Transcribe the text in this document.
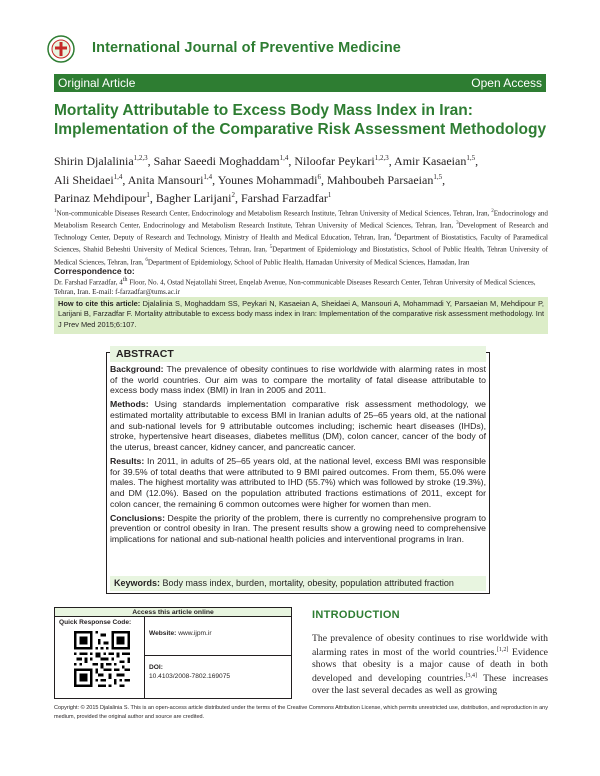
International Journal of Preventive Medicine
Original Article	Open Access
Mortality Attributable to Excess Body Mass Index in Iran:
Implementation of the Comparative Risk Assessment Methodology
Shirin Djalalinia$^{1,2,3}$, Sahar Saeedi Moghaddam$^{1,4}$, Niloofar Peykari$^{1,2,3}$, Amir Kasaeian$^{1,5}$,
Ali Sheidaei$^{1,4}$, Anita Mansouri$^{1,4}$, Younes Mohammadi$^6$, Mahboubeh Parsaeian$^{1,5}$,
Parinaz Mehdipour$^1$, Bagher Larijani$^2$, Farshad Farzadfar$^1$
$^1$Non-communicable Diseases Research Center, Endocrinology and Metabolism Research Institute, Tehran University of Medical Sciences, Tehran, Iran, $^2$Endocrinology and Metabolism Research Center, Endocrinology and Metabolism Research Institute, Tehran University of Medical Sciences, Tehran, Iran, $^3$Development of Research and Technology Center, Deputy of Research and Technology, Ministry of Health and Medical Education, Tehran, Iran, $^4$Department of Biostatistics, Faculty of Paramedical Sciences, Shahid Beheshti University of Medical Sciences, Tehran, Iran, $^5$Department of Epidemiology and Biostatistics, School of Public Health, Tehran University of Medical Sciences, Tehran, Iran, $^6$Department of Epidemiology, School of Public Health, Hamadan University of Medical Sciences, Hamadan, Iran
Correspondence to:
Dr. Farshad Farzadfar, 4th Floor, No. 4, Ostad Nejatollahi Street, Enqelab Avenue, Non-communicable Diseases Research Center, Tehran University of Medical Sciences, Tehran, Iran. E-mail: f-farzadfar@tums.ac.ir
How to cite this article: Djalalinia S, Moghaddam SS, Peykari N, Kasaeian A, Sheidaei A, Mansouri A, Mohammadi Y, Parsaeian M, Mehdipour P, Larijani B, Farzadfar F. Mortality attributable to excess body mass index in Iran: Implementation of the comparative risk assessment methodology. Int J Prev Med 2015;6:107.
ABSTRACT

Background: The prevalence of obesity continues to rise worldwide with alarming rates in most of the world countries. Our aim was to compare the mortality of fatal disease attributable to excess body mass index (BMI) in Iran in 2005 and 2011.

Methods: Using standards implementation comparative risk assessment methodology, we estimated mortality attributable to excess BMI in Iranian adults of 25–65 years old, at the national and sub-national levels for 9 attributable outcomes including; ischemic heart diseases (IHDs), stroke, hypertensive heart diseases, diabetes mellitus (DM), colon cancer, cancer of the body of the uterus, breast cancer, kidney cancer, and pancreatic cancer.

Results: In 2011, in adults of 25–65 years old, at the national level, excess BMI was responsible for 39.5% of total deaths that were attributed to 9 BMI paired outcomes. From them, 55.0% were males. The highest mortality was attributed to IHD (55.7%) which was followed by stroke (19.3%), and DM (12.0%). Based on the population attributed fractions estimations of 2011, except for colon cancer, the remaining 6 common outcomes were higher for women than men.

Conclusions: Despite the priority of the problem, there is currently no comprehensive program to prevention or control obesity in Iran. The present results show a growing need to comprehensive implications for national and sub-national health policies and interventional programs in Iran.

Keywords: Body mass index, burden, mortality, obesity, population attributed fraction
Access this article online
Quick Response Code:
Website: www.ijpm.ir
DOI:
10.4103/2008-7802.169075
INTRODUCTION
The prevalence of obesity continues to rise worldwide with alarming rates in most of the world countries.[1,2] Evidence shows that obesity is a major cause of death in both developed and developing countries.[3,4] These increases over the last several decades as well as growing
Copyright: © 2015 Djalalinia S. This is an open-access article distributed under the terms of the Creative Commons Attribution License, which permits unrestricted use, distribution, and reproduction in any medium, provided the original author and source are credited.
